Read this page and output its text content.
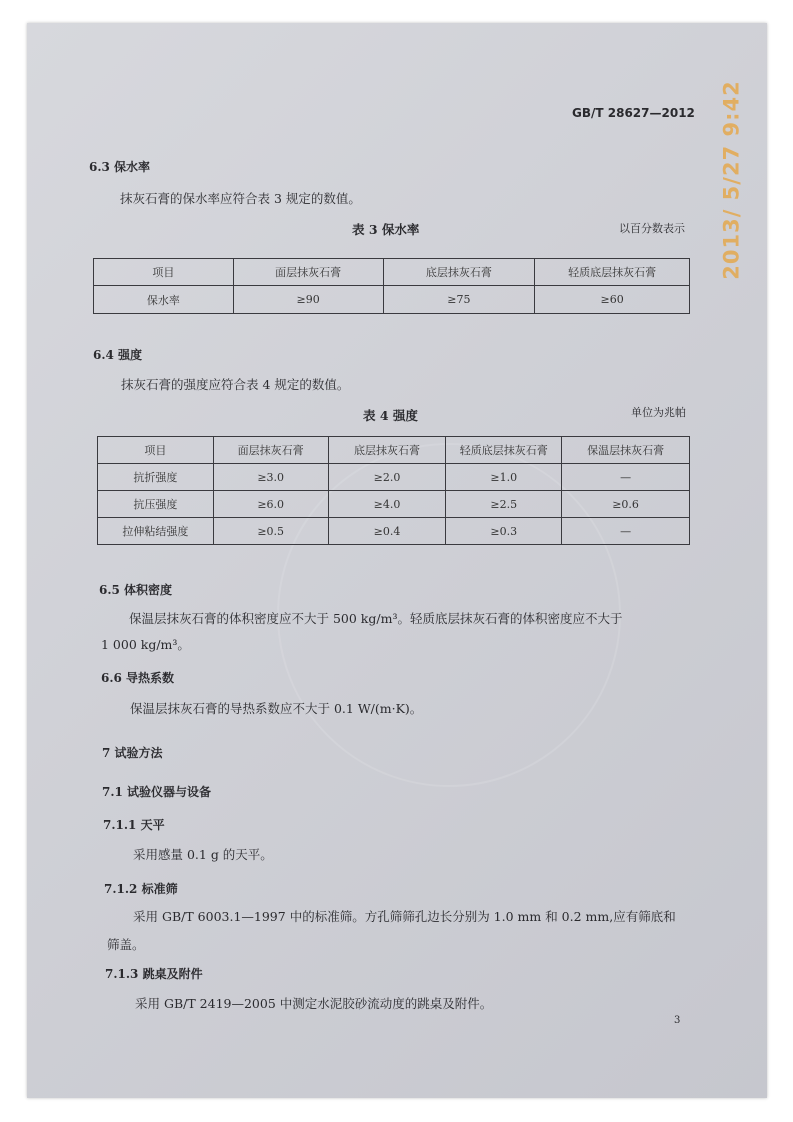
GB/T 28627—2012 2013/ 5/27 9:42
6.3 保水率
抹灰石膏的保水率应符合表 3 规定的数值。
表 3 保水率	以百分数表示
项目	面层抹灰石膏	底层抹灰石膏	轻质底层抹灰石膏
保水率	≥90	≥75	≥60
6.4 强度
抹灰石膏的强度应符合表 4 规定的数值。
表 4 强度	单位为兆帕
项目	面层抹灰石膏	底层抹灰石膏	轻质底层抹灰石膏	保温层抹灰石膏
抗折强度	≥3.0	≥2.0	≥1.0	—
抗压强度	≥6.0	≥4.0	≥2.5	≥0.6
拉伸粘结强度	≥0.5	≥0.4	≥0.3	—
6.5 体积密度
保温层抹灰石膏的体积密度应不大于 500 kg/m³。轻质底层抹灰石膏的体积密度应不大于
1 000 kg/m³。
6.6 导热系数
保温层抹灰石膏的导热系数应不大于 0.1 W/(m·K)。
7 试验方法
7.1 试验仪器与设备
7.1.1 天平
采用感量 0.1 g 的天平。
7.1.2 标准筛
采用 GB/T 6003.1—1997 中的标准筛。方孔筛筛孔边长分别为 1.0 mm 和 0.2 mm,应有筛底和
筛盖。
7.1.3 跳桌及附件
采用 GB/T 2419—2005 中测定水泥胶砂流动度的跳桌及附件。
3
